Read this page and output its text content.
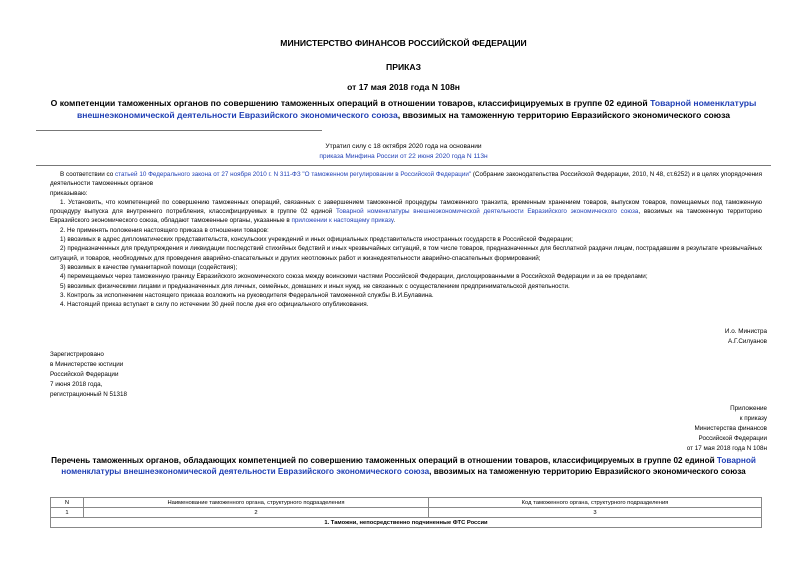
МИНИСТЕРСТВО ФИНАНСОВ РОССИЙСКОЙ ФЕДЕРАЦИИ
ПРИКАЗ
от 17 мая 2018 года N 108н
О компетенции таможенных органов по совершению таможенных операций в отношении товаров, классифицируемых в группе 02 единой Товарной номенклатуры внешнеэкономической деятельности Евразийского экономического союза, ввозимых на таможенную территорию Евразийского экономического союза
Утратил силу с 18 октября 2020 года на основании
приказа Минфина России от 22 июня 2020 года N 113н

В соответствии со статьей 10 Федерального закона от 27 ноября 2010 г. N 311-ФЗ "О таможенном регулировании в Российской Федерации" (Собрание законодательства Российской Федерации, 2010, N 48, ст.6252) и в целях упорядочения деятельности таможенных органов

приказываю:

1. Установить, что компетенцией по совершению таможенных операций, связанных с завершением таможенной процедуры таможенного транзита, временным хранением товаров, выпуском товаров, помещаемых под таможенную процедуру выпуска для внутреннего потребления, классифицируемых в группе 02 единой Товарной номенклатуры внешнеэкономической деятельности Евразийского экономического союза, ввозимых на таможенную территорию Евразийского экономического союза, обладают таможенные органы, указанные в приложении к настоящему приказу.

2. Не применять положения настоящего приказа в отношении товаров:

1) ввозимых в адрес дипломатических представительств, консульских учреждений и иных официальных представительств иностранных государств в Российской Федерации;

2) предназначенных для предупреждения и ликвидации последствий стихийных бедствий и иных чрезвычайных ситуаций, в том числе товаров, предназначенных для бесплатной раздачи лицам, пострадавшим в результате чрезвычайных ситуаций, и товаров, необходимых для проведения аварийно-спасательных и других неотложных работ и жизнедеятельности аварийно-спасательных формирований;

3) ввозимых в качестве гуманитарной помощи (содействия);

4) перемещаемых через таможенную границу Евразийского экономического союза между воинскими частями Российской Федерации, дислоцированными в Российской Федерации и за ее пределами;

5) ввозимых физическими лицами и предназначенных для личных, семейных, домашних и иных нужд, не связанных с осуществлением предпринимательской деятельности.

3. Контроль за исполнением настоящего приказа возложить на руководителя Федеральной таможенной службы В.И.Булавина.

4. Настоящий приказ вступает в силу по истечении 30 дней после дня его официального опубликования.

И.о. Министра
А.Г.Силуанов
Зарегистрировано
в Министерстве юстиции
Российской Федерации
7 июня 2018 года,
регистрационный N 51318
Приложение
к приказу
Министерства финансов
Российской Федерации
от 17 мая 2018 года N 108н
Перечень таможенных органов, обладающих компетенцией по совершению таможенных операций в отношении товаров, классифицируемых в группе 02 единой Товарной номенклатуры внешнеэкономической деятельности Евразийского экономического союза, ввозимых на таможенную территорию Евразийского экономического союза
N	Наименование таможенного органа, структурного подразделения	Код таможенного органа, структурного подразделения
1	2	3
1. Таможни, непосредственно подчиненные ФТС России		
